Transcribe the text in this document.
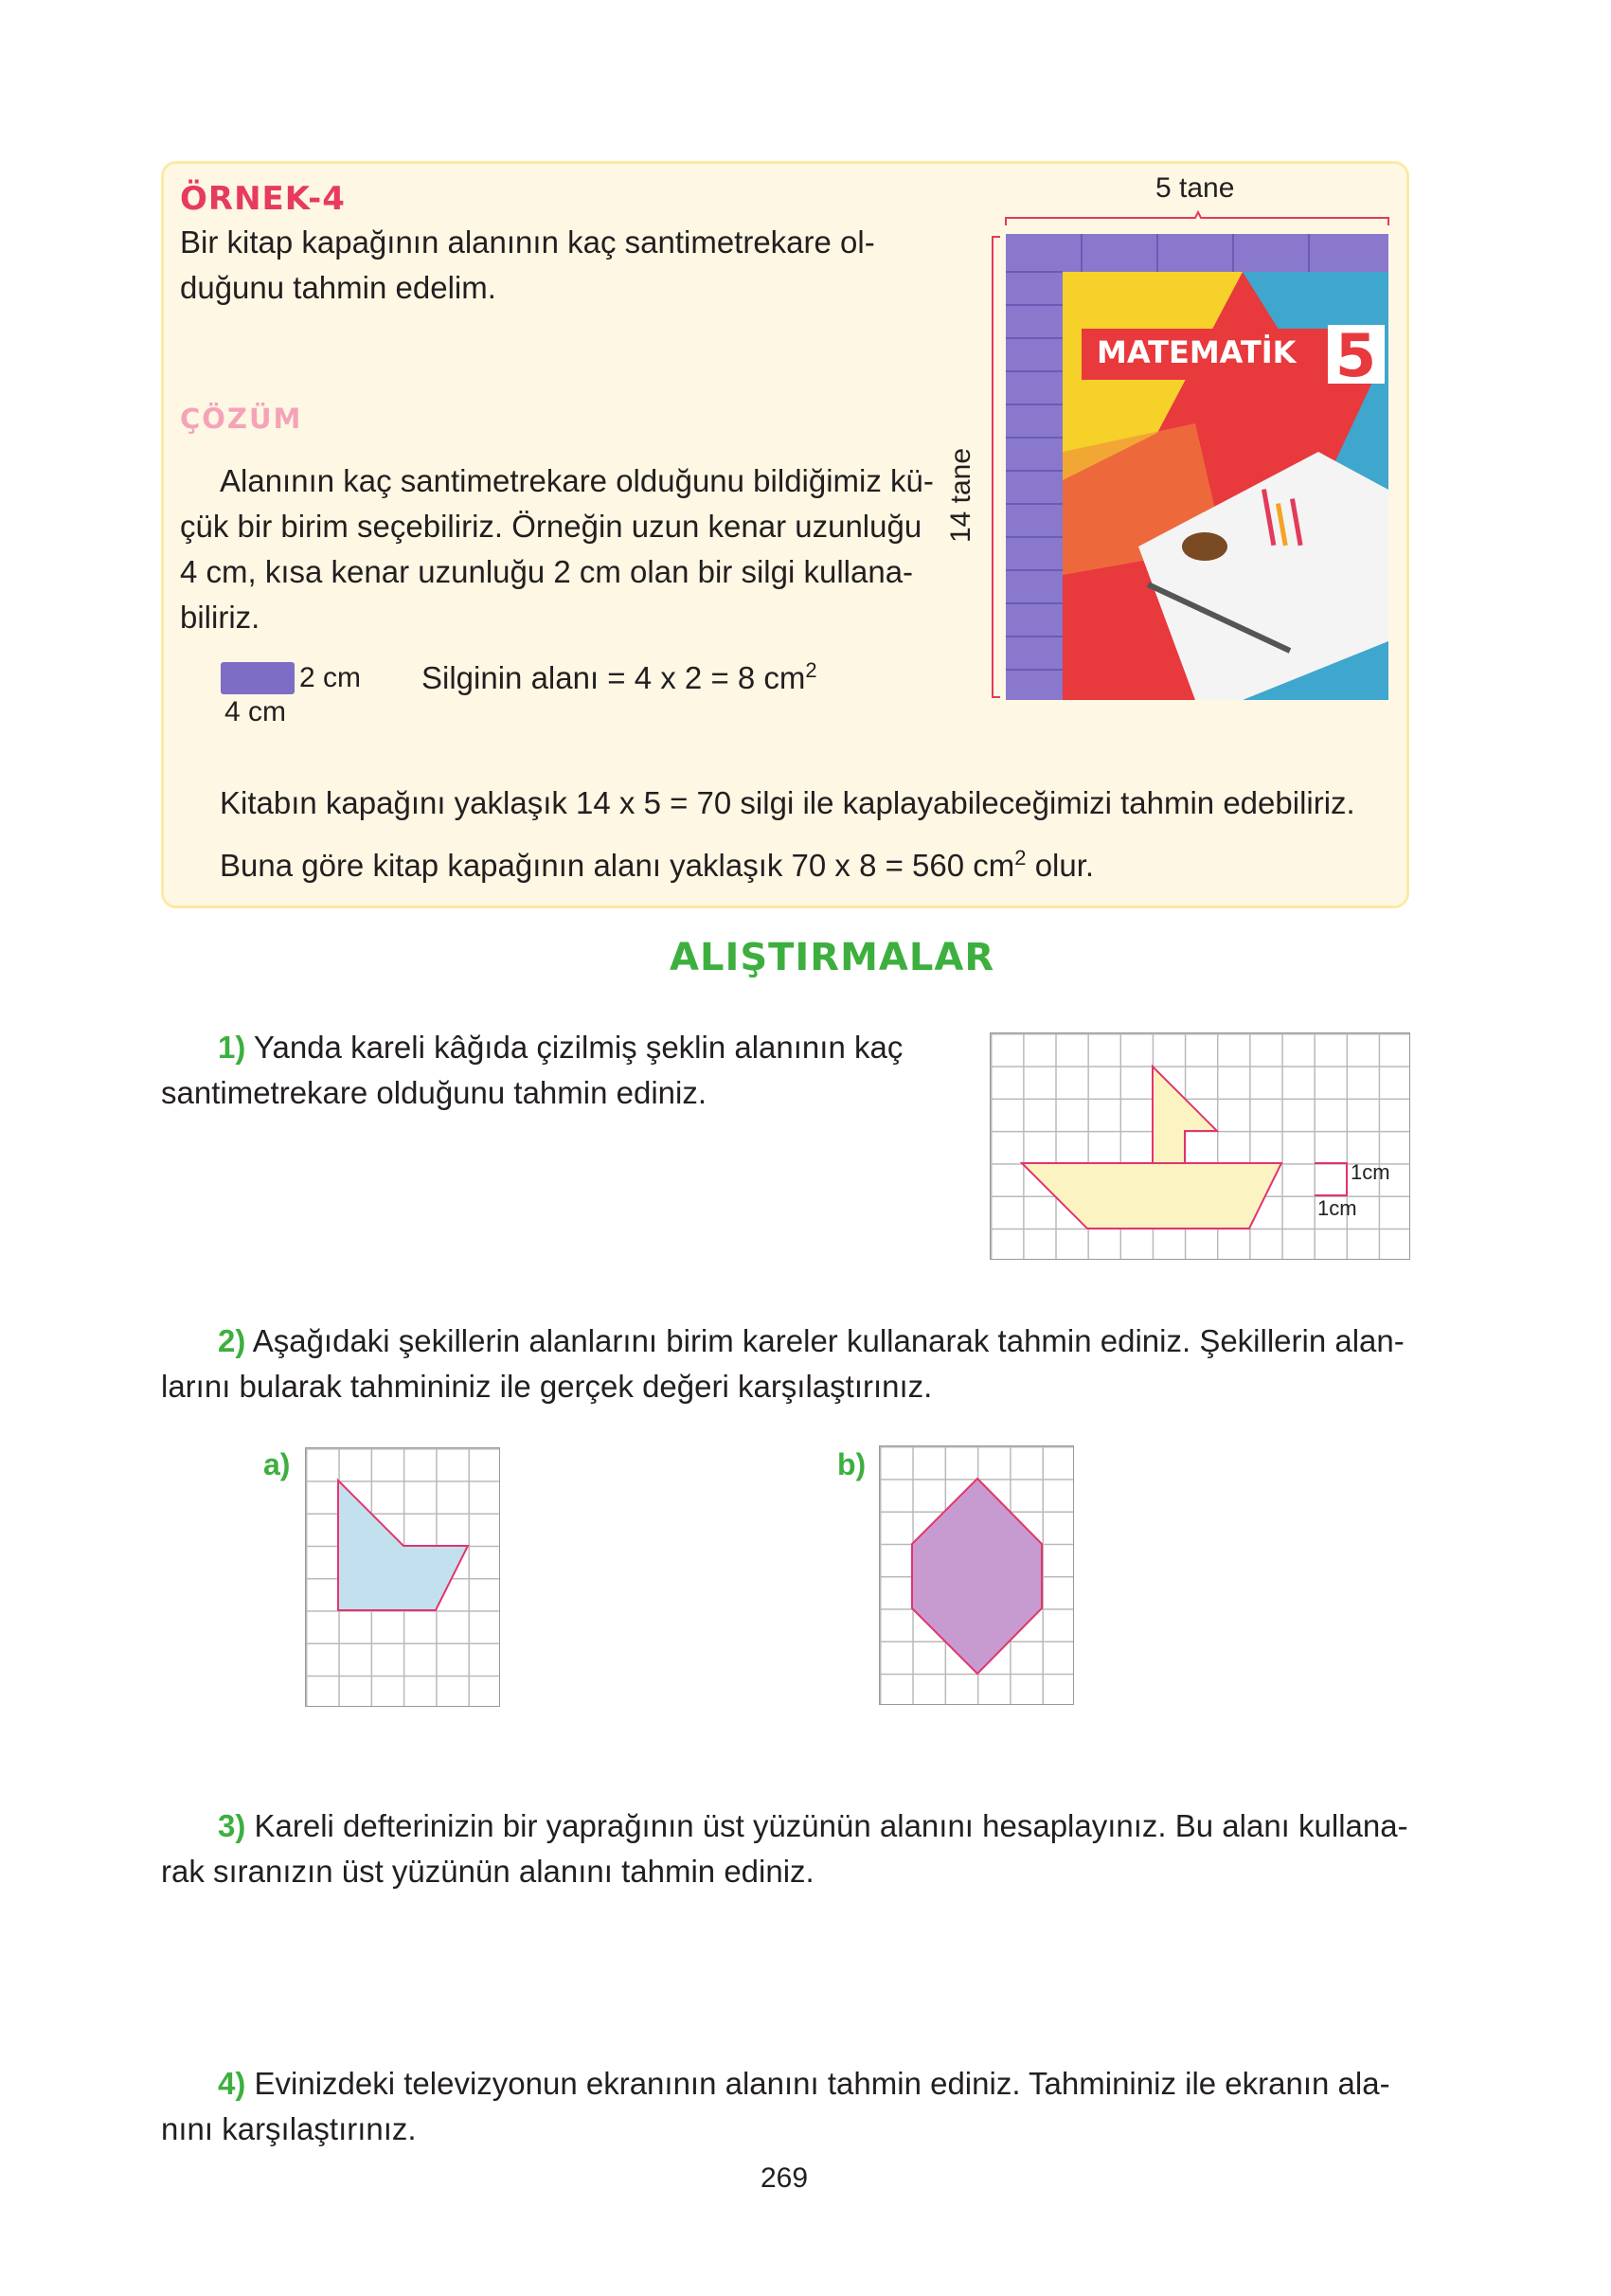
ÖRNEK-4
Bir kitap kapağının alanının kaç santimetrekare ol-
duğunu tahmin edelim.
ÇÖZÜM
Alanının kaç santimetrekare olduğunu bildiğimiz kü-
çük bir birim seçebiliriz. Örneğin uzun kenar uzunluğu
4 cm, kısa kenar uzunluğu 2 cm olan bir silgi kullana-
biliriz.
2 cm
4 cm
Silginin alanı = 4 x 2 = 8 $cm^2$
5 tane
14 tane
MATEMATİK 5
Kitabın kapağını yaklaşık 14 x 5 = 70 silgi ile kaplayabileceğimizi tahmin edebiliriz.
Buna göre kitap kapağının alanı yaklaşık 70 x 8 = 560 $cm^2$ olur.
ALIŞTIRMALAR
1) Yanda kareli kâğıda çizilmiş şeklin alanının kaç
santimetrekare olduğunu tahmin ediniz.
1cm
1cm
2) Aşağıdaki şekillerin alanlarını birim kareler kullanarak tahmin ediniz. Şekillerin alan-
larını bularak tahmininiz ile gerçek değeri karşılaştırınız.
a)	b)
3) Kareli defterinizin bir yaprağının üst yüzünün alanını hesaplayınız. Bu alanı kullana-
rak sıranızın üst yüzünün alanını tahmin ediniz.
4) Evinizdeki televizyonun ekranının alanını tahmin ediniz. Tahmininiz ile ekranın ala-
nını karşılaştırınız.
269
